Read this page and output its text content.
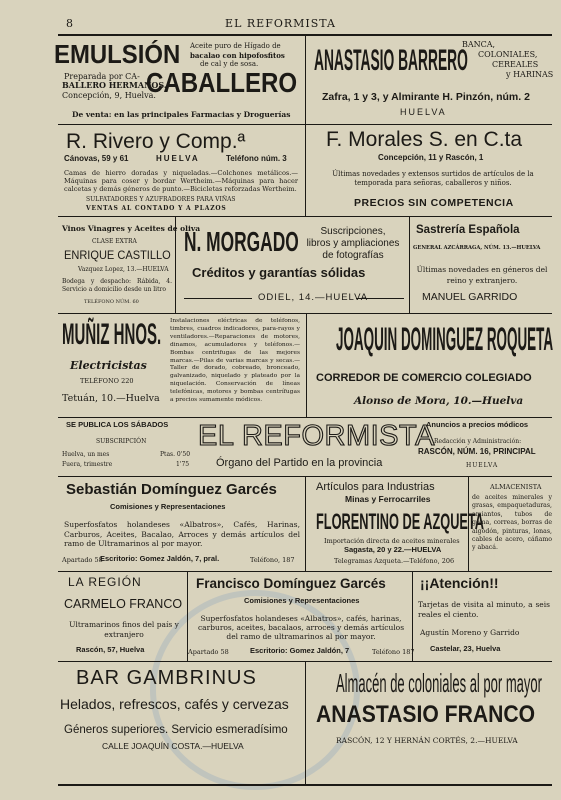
8	EL REFORMISTA
EMULSIÓN Aceite puro de Hígado de
bacalao con hipofosfitos
de cal y de sosa.
Preparada por CA-
BALLERO HERMANOS.
Concepción, 9, Huelva.
CABALLERO
De venta: en las principales Farmacias y Droguerías
ANASTASIO BARRERO
BANCA,
COLONIALES,
CEREALES
y HARINAS
Zafra, 1 y 3, y Almirante H. Pinzón, núm. 2
HUELVA
R. Rivero y Comp.ª
Cánovas, 59 y 61	HUELVA	Teléfono núm. 3
Camas de hierro doradas y niqueladas.—Colchones metálicos.— Máquinas para coser y bordar Wertheim.—Máquinas para hacer calcetas y demás géneros de punto.—Bicicletas reforzadas Wertheim.
SULFATADORES Y AZUFRADORES PARA VIÑAS
VENTAS AL CONTADO Y A PLAZOS
F. Morales S. en C.ta
Concepción, 11 y Rascón, 1
Últimas novedades y extensos surtidos de artículos de la temporada para señoras, caballeros y niños.
PRECIOS SIN COMPETENCIA
Vinos Vinagres y Aceites de oliva
CLASE EXTRA
ENRIQUE CASTILLO
Vazquez Lopez, 13.—HUELVA
Bodega y despacho: Rábida, 4. Servicio a domicilio desde un litro
TELÉFONO NÚM. 60
N. MORGADO	Suscripciones,
libros y ampliaciones
de fotografías
Créditos y garantías sólidas
ODIEL, 14.—HUELVA
Sastrería Española
GENERAL AZCÁRRAGA, NÚM. 13.—HUELVA
Últimas novedades en géneros del reino y extranjero.
MANUEL GARRIDO
MUÑIZ HNOS.
Electricistas
TELÉFONO 220
Tetuán, 10.—Huelva
Instalaciones eléctricas de teléfonos, timbres, cuadros indicadores, para-rayos y ventiladores.—Reparaciones de motores, dinamos, acumuladores y teléfonos.—Bombas centrifugas de las mejores marcas.—Pilas de varias marcas y secas.—Taller de dorado, cobreado, bronceado, galvanizado, niquelado y plateado por la niquelación. Conservación de líneas telefónicas, motores y bombas centrífugas a precios sumamente módicos.
JOAQUIN DOMINGUEZ ROQUETA
CORREDOR DE COMERCIO COLEGIADO
Alonso de Mora, 10.—Huelva
SE PUBLICA LOS SÁBADOS
SUBSCRIPCIÓN
Huelva, un mes	Ptas. 0'50
Fuera, trimestre	1'75
EL REFORMISTA
Órgano del Partido en la provincia
Anuncios a precios módicos
Redacción y Administración:
RASCÓN, NÚM. 16, PRINCIPAL
HUELVA
Sebastián Domínguez Garcés
Comisiones y Representaciones
Superfosfatos holandeses «Albatros», Cafés, Harinas, Carburos, Aceites, Bacalao, Arroces y demás artículos del ramo de Ultramarinos al por mayor.
Apartado 58
Escritorio: Gomez Jaldón, 7, pral.	Teléfono, 187
Artículos para Industrias
Minas y Ferrocarriles
FLORENTINO DE AZQUETA
Importación directa de aceites minerales
Sagasta, 20 y 22.—HUELVA
Telegramas Azqueta.—Teléfono, 206
ALMACENISTA
de aceites minerales y grasas, empaquetaduras, amiantos, tubos de goma, correas, borras de algodón, pinturas, lonas, cables de acero, cáñamo y abacá.
LA REGIÓN
CARMELO FRANCO
Ultramarinos finos del país y extranjero
Rascón, 57, Huelva
Francisco Domínguez Garcés
Comisiones y Representaciones
Superfosfatos holandeses «Albatros», cafés, harinas, carburos, aceites, bacalaos, arroces y demás artículos del ramo de ultramarinos al por mayor.
Apartado 58	Escritorio: Gomez Jaldón, 7	Teléfono 187
¡¡Atención!!
Tarjetas de visita al minuto, a seis reales el ciento.
Agustín Moreno y Garrido
Castelar, 23, Huelva
BAR GAMBRINUS
Helados, refrescos, cafés y cervezas
Géneros superiores. Servicio esmeradísimo
CALLE JOAQUÍN COSTA.—HUELVA
Almacén de coloniales al por mayor
ANASTASIO FRANCO
RASCÓN, 12 Y HERNÁN CORTÉS, 2.—HUELVA
